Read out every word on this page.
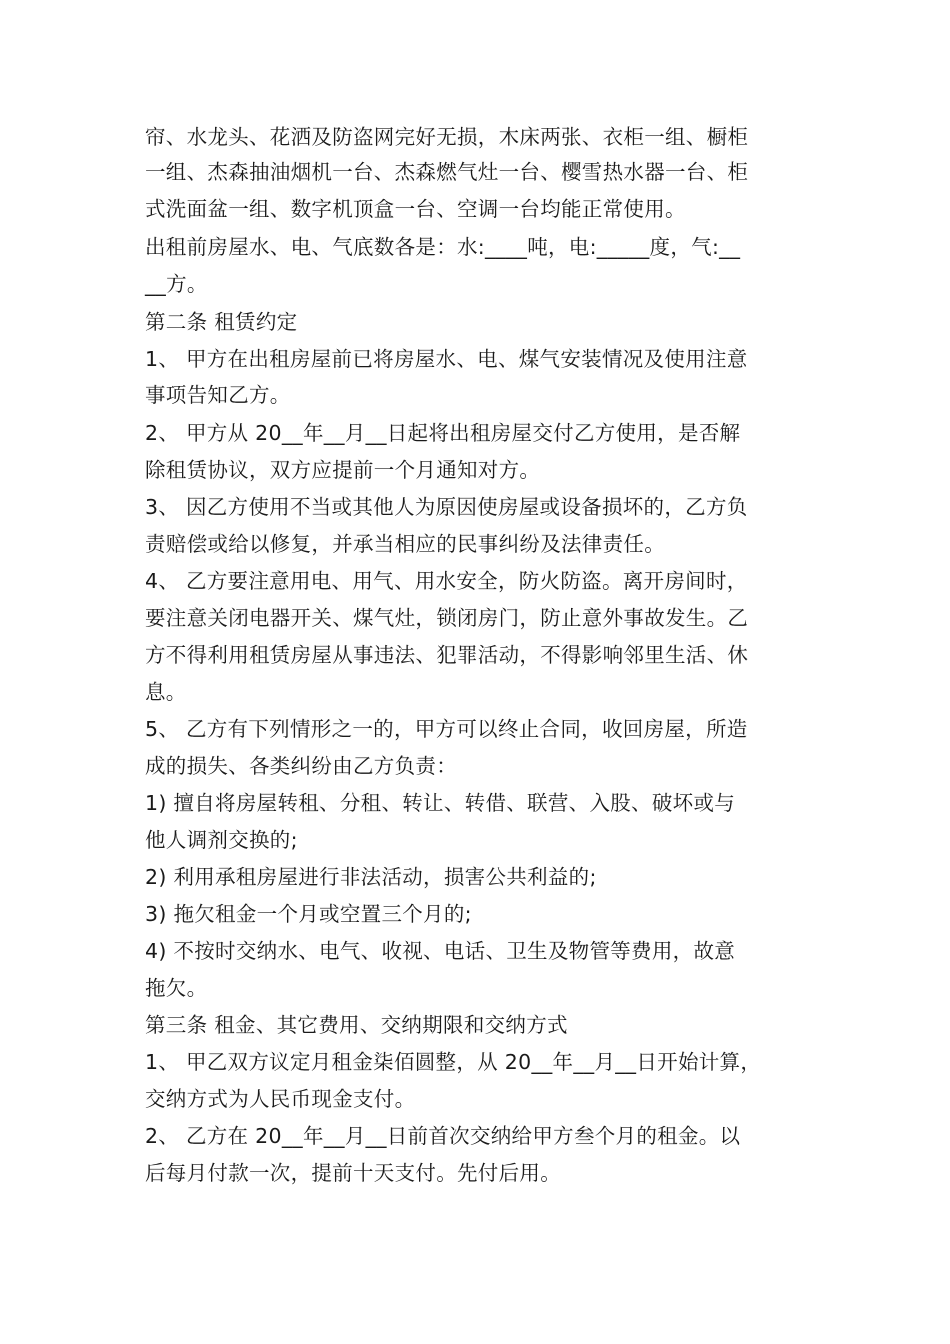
帘、水龙头、花洒及防盗网完好无损，木床两张、衣柜一组、橱柜
一组、杰森抽油烟机一台、杰森燃气灶一台、樱雪热水器一台、柜
式洗面盆一组、数字机顶盒一台、空调一台均能正常使用。
出租前房屋水、电、气底数各是：水:____吨，电:_____度，气:__
__方。
第二条 租赁约定
1、 甲方在出租房屋前已将房屋水、电、煤气安装情况及使用注意
事项告知乙方。
2、 甲方从 20__年__月__日起将出租房屋交付乙方使用，是否解
除租赁协议，双方应提前一个月通知对方。
3、 因乙方使用不当或其他人为原因使房屋或设备损坏的，乙方负
责赔偿或给以修复，并承当相应的民事纠纷及法律责任。
4、 乙方要注意用电、用气、用水安全，防火防盗。离开房间时，
要注意关闭电器开关、煤气灶，锁闭房门，防止意外事故发生。乙
方不得利用租赁房屋从事违法、犯罪活动，不得影响邻里生活、休
息。
5、 乙方有下列情形之一的，甲方可以终止合同，收回房屋，所造
成的损失、各类纠纷由乙方负责：
1) 擅自将房屋转租、分租、转让、转借、联营、入股、破坏或与
他人调剂交换的;
2) 利用承租房屋进行非法活动，损害公共利益的;
3) 拖欠租金一个月或空置三个月的;
4) 不按时交纳水、电气、收视、电话、卫生及物管等费用，故意
拖欠。
第三条 租金、其它费用、交纳期限和交纳方式
1、 甲乙双方议定月租金柒佰圆整，从 20__年__月__日开始计算，
交纳方式为人民币现金支付。
2、 乙方在 20__年__月__日前首次交纳给甲方叁个月的租金。以
后每月付款一次，提前十天支付。先付后用。
